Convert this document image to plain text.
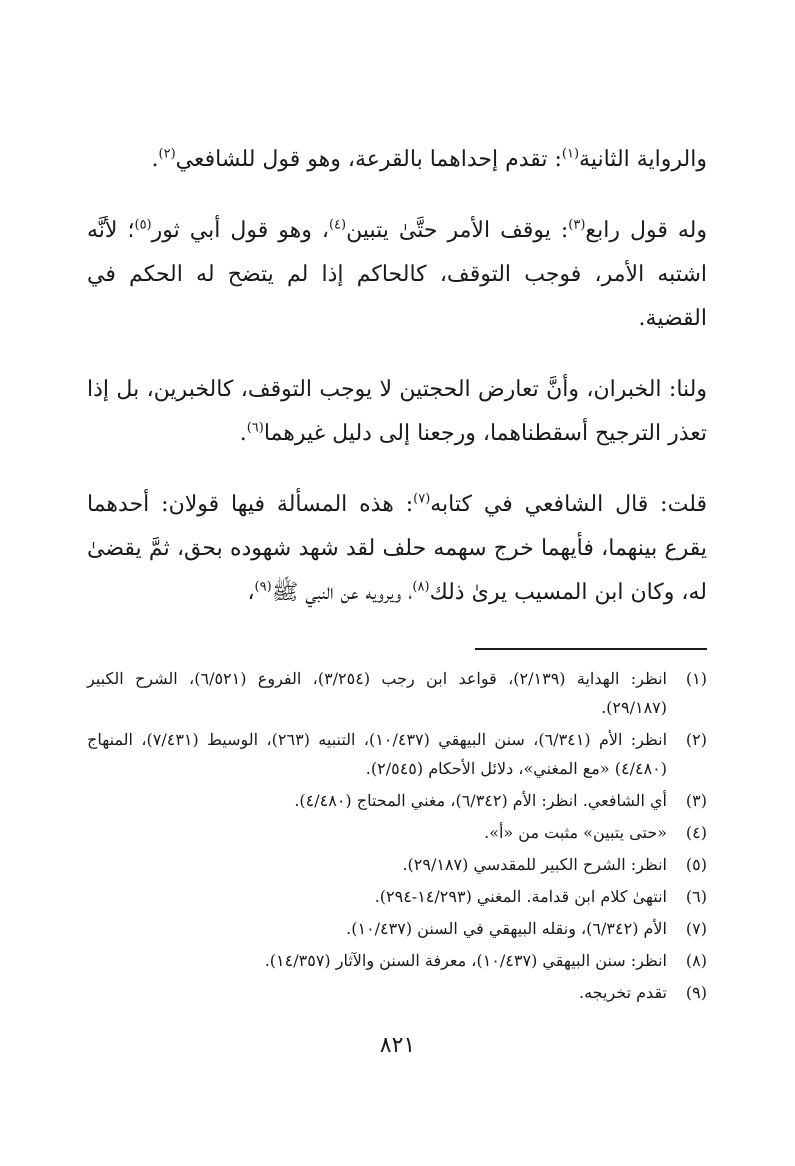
والرواية الثانية$^{(١)}$: تقدم إحداهما بالقرعة، وهو قول للشافعي$^{(٢)}$.

وله قول رابع$^{(٣)}$: يوقف الأمر حتَّىٰ يتبين$^{(٤)}$، وهو قول أبي ثور$^{(٥)}$؛ لأنَّه اشتبه الأمر، فوجب التوقف، كالحاكم إذا لم يتضح له الحكم في القضية.

ولنا: الخبران، وأنَّ تعارض الحجتين لا يوجب التوقف، كالخبرين، بل إذا تعذر الترجيح أسقطناهما، ورجعنا إلى دليل غيرهما$^{(٦)}$.

قلت: قال الشافعي في كتابه$^{(٧)}$: هذه المسألة فيها قولان: أحدهما يقرع بينهما، فأيهما خرج سهمه حلف لقد شهد شهوده بحق، ثمَّ يقضىٰ له، وكان ابن المسيب يرىٰ ذلك$^{(٨)}$، ويرويه عن النبي ﷺ$^{(٩)}$،

(١)
انظر: الهداية (٢/١٣٩)، قواعد ابن رجب (٣/٢٥٤)، الفروع (٦/٥٢١)، الشرح الكبير (٢٩/١٨٧).
(٢)
انظر: الأم (٦/٣٤١)، سنن البيهقي (١٠/٤٣٧)، التنبيه (٢٦٣)، الوسيط (٧/٤٣١)، المنهاج (٤/٤٨٠) «مع المغني»، دلائل الأحكام (٢/٥٤٥).
(٣)
أي الشافعي. انظر: الأم (٦/٣٤٢)، مغني المحتاج (٤/٤٨٠).
(٤)
«حتى يتبين» مثبت من «أ».
(٥)
انظر: الشرح الكبير للمقدسي (٢٩/١٨٧).
(٦)
انتهىٰ كلام ابن قدامة. المغني (١٤/٢٩٣-٢٩٤).
(٧)
الأم (٦/٣٤٢)، ونقله البيهقي في السنن (١٠/٤٣٧).
(٨)
انظر: سنن البيهقي (١٠/٤٣٧)، معرفة السنن والآثار (١٤/٣٥٧).
(٩)
تقدم تخريجه.
٨٢١
